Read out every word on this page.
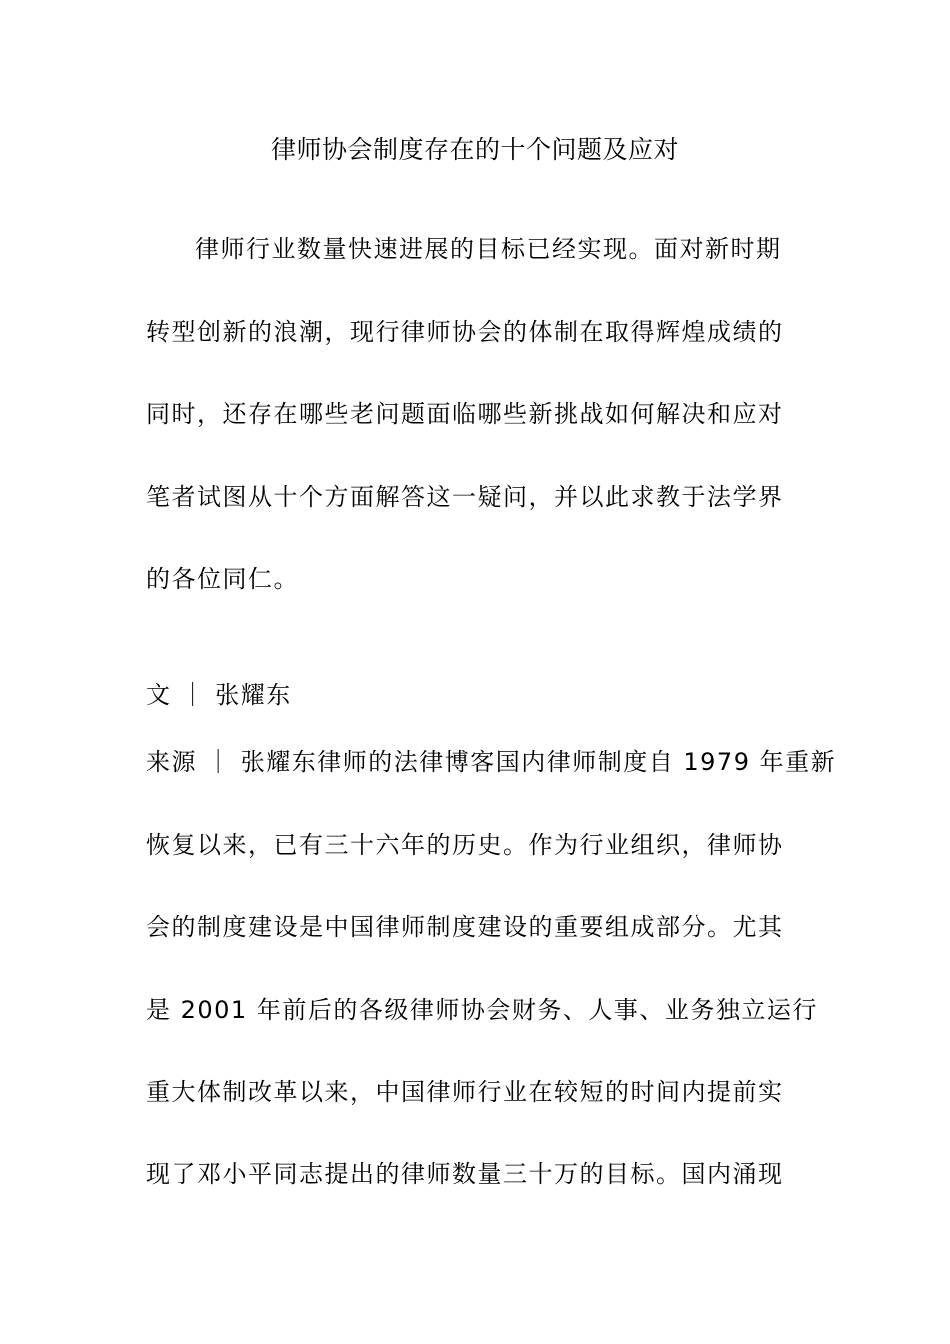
律师协会制度存在的十个问题及应对
律师行业数量快速进展的目标已经实现。面对新时期
转型创新的浪潮，现行律师协会的体制在取得辉煌成绩的
同时，还存在哪些老问题面临哪些新挑战如何解决和应对
笔者试图从十个方面解答这一疑问，并以此求教于法学界
的各位同仁。
文 ｜ 张耀东
来源 ｜ 张耀东律师的法律博客国内律师制度自 1979 年重新
恢复以来，已有三十六年的历史。作为行业组织，律师协
会的制度建设是中国律师制度建设的重要组成部分。尤其
是 2001 年前后的各级律师协会财务、人事、业务独立运行
重大体制改革以来，中国律师行业在较短的时间内提前实
现了邓小平同志提出的律师数量三十万的目标。国内涌现
